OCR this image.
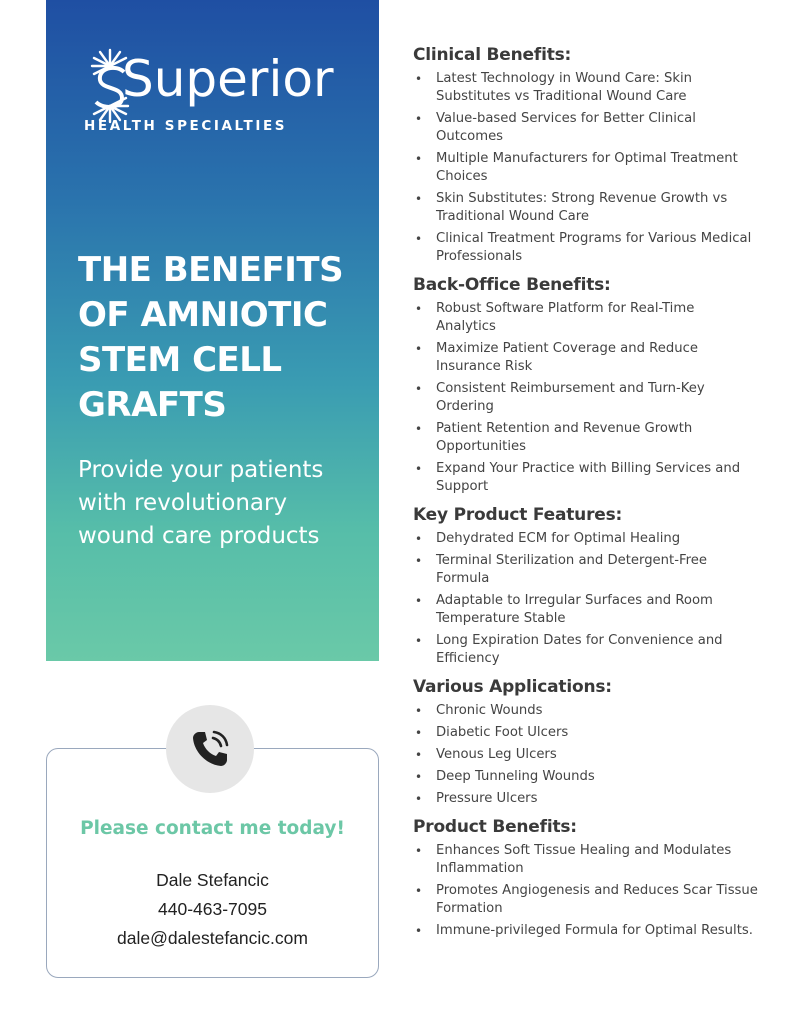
Superior
HEALTH SPECIALTIES
THE BENEFITS
OF AMNIOTIC
STEM CELL
GRAFTS
Provide your patients
with revolutionary
wound care products
Please contact me today!
Dale Stefancic
440-463-7095
dale@dalestefancic.com
Clinical Benefits:
• Latest Technology in Wound Care: Skin Substitutes vs Traditional Wound Care
• Value-based Services for Better Clinical Outcomes
• Multiple Manufacturers for Optimal Treatment Choices
• Skin Substitutes: Strong Revenue Growth vs Traditional Wound Care
• Clinical Treatment Programs for Various Medical Professionals
Back-Office Benefits:
• Robust Software Platform for Real-Time Analytics
• Maximize Patient Coverage and Reduce Insurance Risk
• Consistent Reimbursement and Turn-Key Ordering
• Patient Retention and Revenue Growth Opportunities
• Expand Your Practice with Billing Services and Support
Key Product Features:
• Dehydrated ECM for Optimal Healing
• Terminal Sterilization and Detergent-Free Formula
• Adaptable to Irregular Surfaces and Room Temperature Stable
• Long Expiration Dates for Convenience and Efficiency
Various Applications:
• Chronic Wounds
• Diabetic Foot Ulcers
• Venous Leg Ulcers
• Deep Tunneling Wounds
• Pressure Ulcers
Product Benefits:
• Enhances Soft Tissue Healing and Modulates Inflammation
• Promotes Angiogenesis and Reduces Scar Tissue Formation
• Immune-privileged Formula for Optimal Results.
